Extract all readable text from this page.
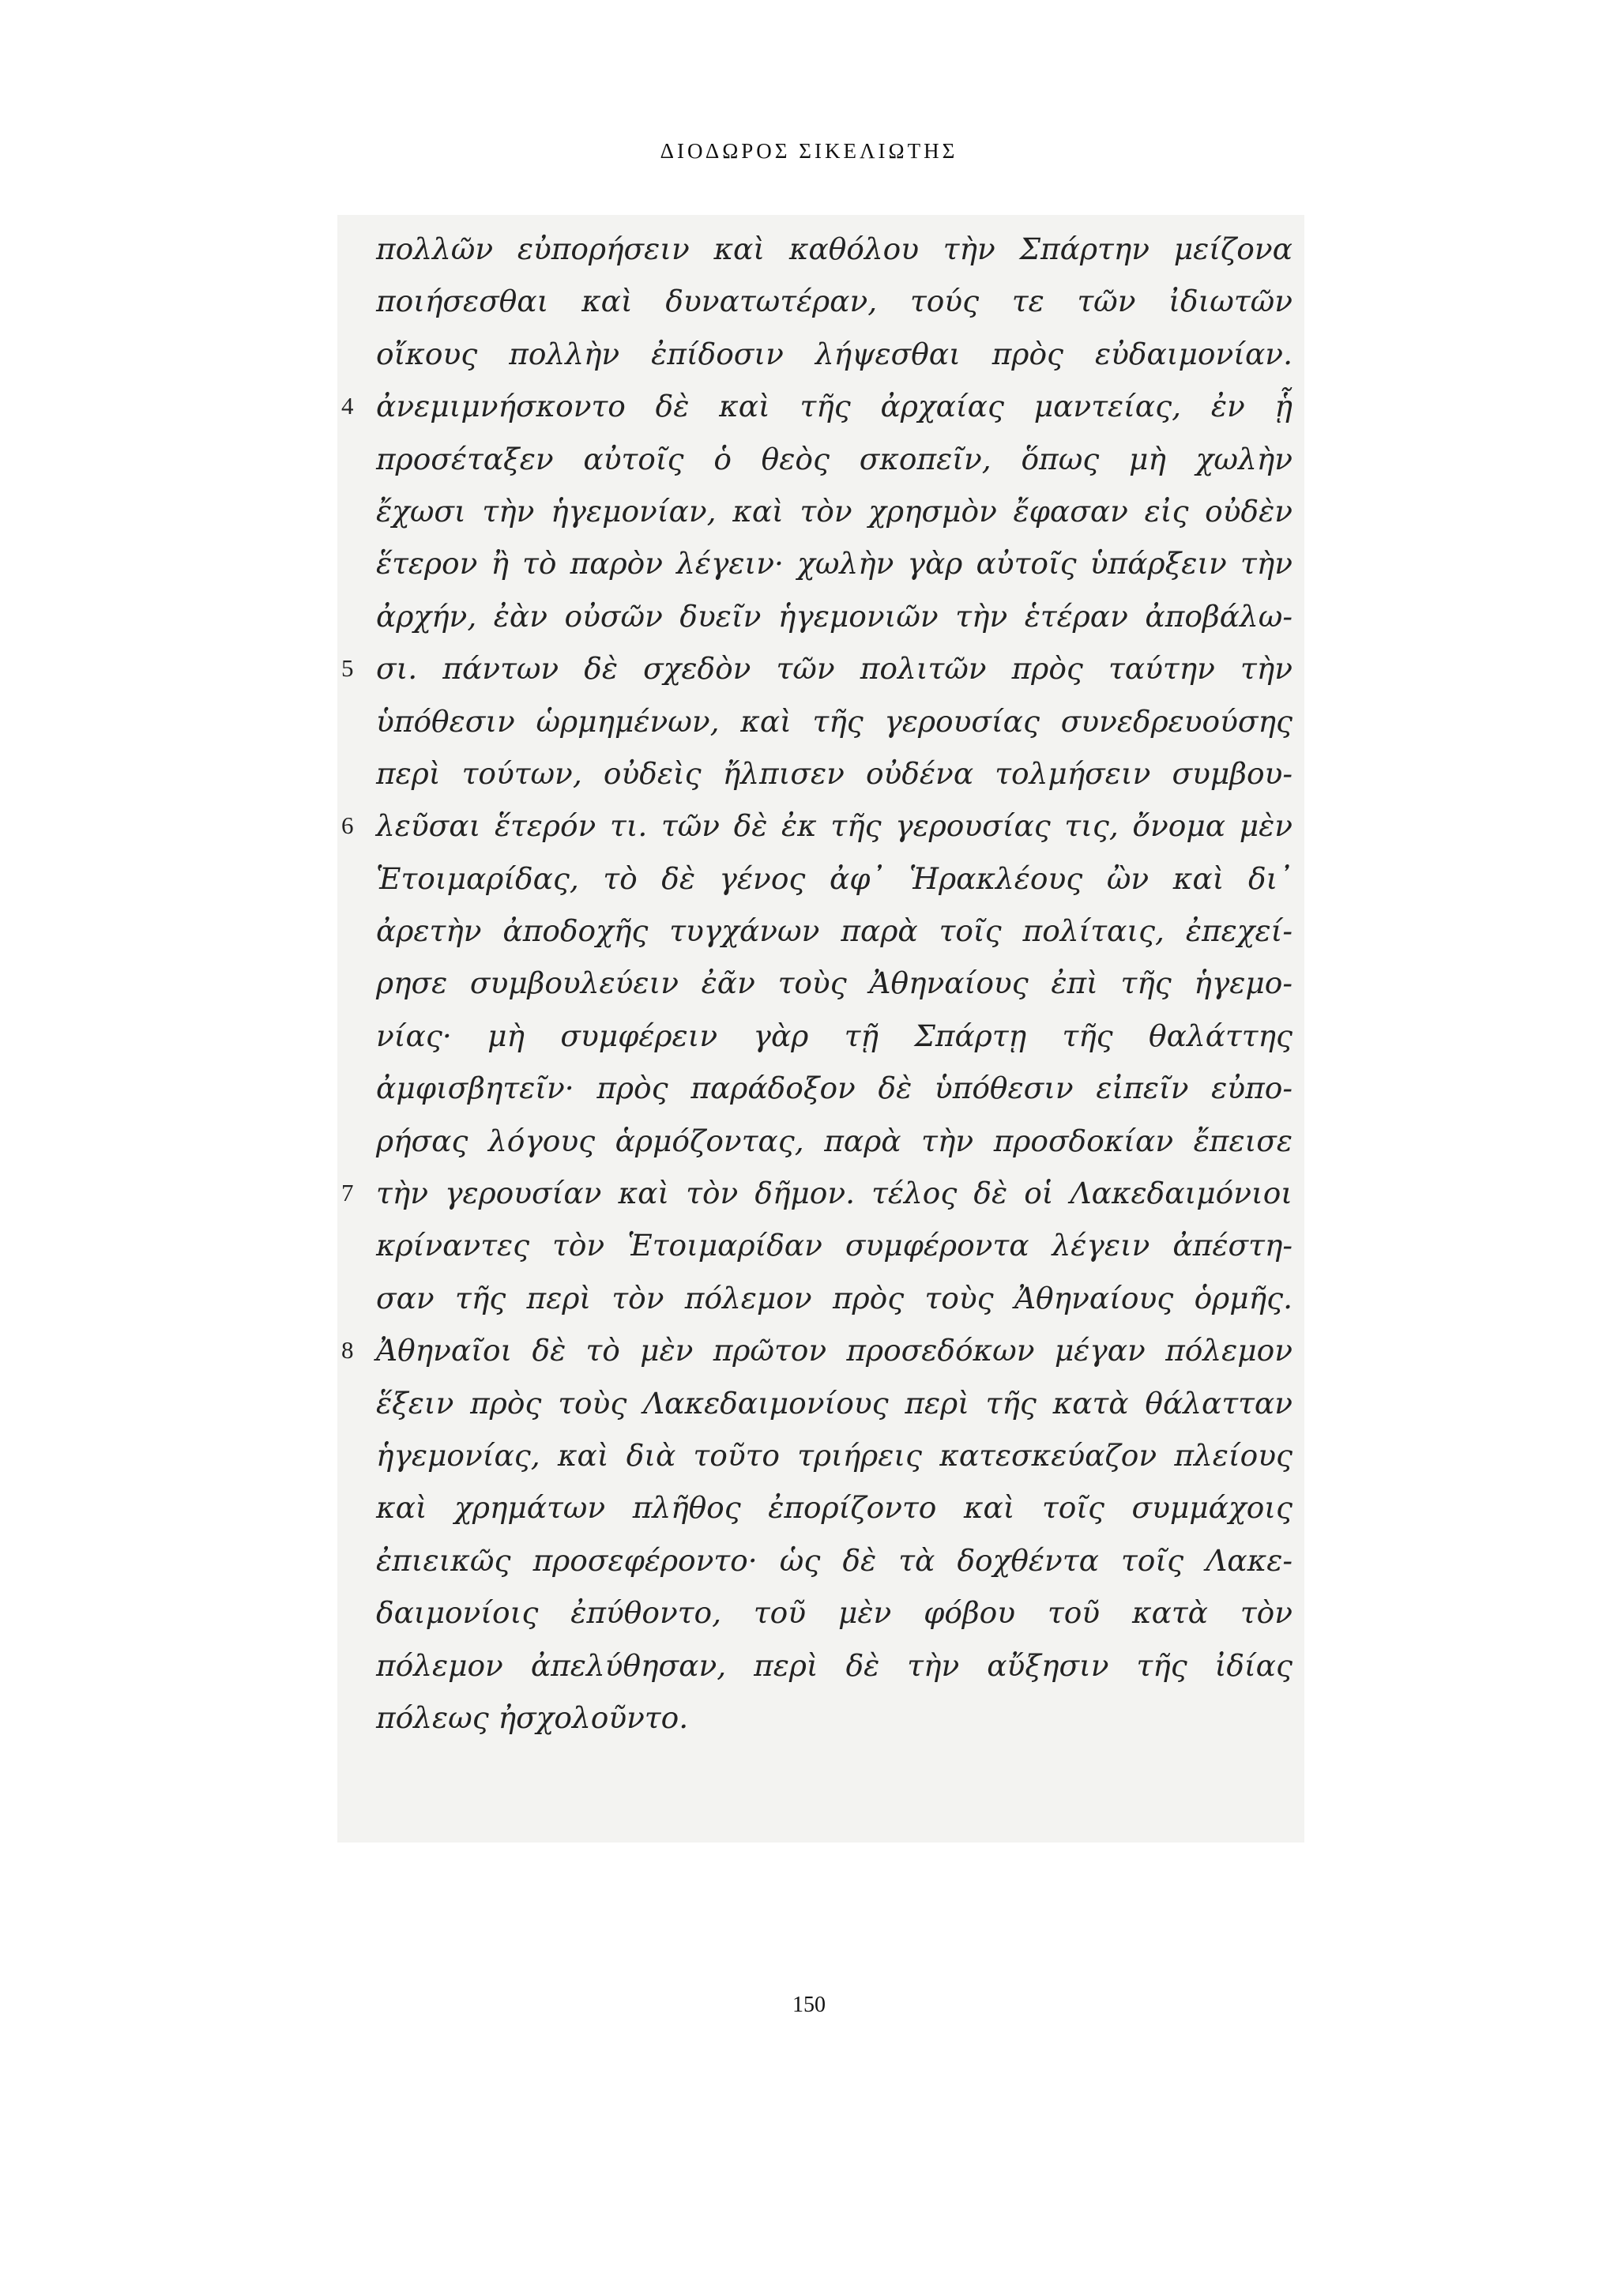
ΔΙΟΔΩΡΟΣ ΣΙΚΕΛΙΩΤΗΣ
πολλῶν εὐπορήσειν καὶ καθόλου τὴν Σπάρτην μείζονα
ποιήσεσθαι καὶ δυνατωτέραν, τούς τε τῶν ἰδιωτῶν
οἴκους πολλὴν ἐπίδοσιν λήψεσθαι πρὸς εὐδαιμονίαν.
4 ἀνεμιμνήσκοντο δὲ καὶ τῆς ἀρχαίας μαντείας, ἐν ᾗ
προσέταξεν αὐτοῖς ὁ θεὸς σκοπεῖν, ὅπως μὴ χωλὴν
ἔχωσι τὴν ἡγεμονίαν, καὶ τὸν χρησμὸν ἔφασαν εἰς οὐδὲν
ἕτερον ἢ τὸ παρὸν λέγειν· χωλὴν γὰρ αὐτοῖς ὑπάρξειν τὴν
ἀρχήν, ἐὰν οὐσῶν δυεῖν ἡγεμονιῶν τὴν ἑτέραν ἀποβάλω-
5 σι. πάντων δὲ σχεδὸν τῶν πολιτῶν πρὸς ταύτην τὴν
ὑπόθεσιν ὡρμημένων, καὶ τῆς γερουσίας συνεδρευούσης
περὶ τούτων, οὐδεὶς ἤλπισεν οὐδένα τολμήσειν συμβου-
6 λεῦσαι ἕτερόν τι. τῶν δὲ ἐκ τῆς γερουσίας τις, ὄνομα μὲν
Ἑτοιμαρίδας, τὸ δὲ γένος ἀφ᾽ Ἡρακλέους ὢν καὶ δι᾽
ἀρετὴν ἀποδοχῆς τυγχάνων παρὰ τοῖς πολίταις, ἐπεχεί-
ρησε συμβουλεύειν ἐᾶν τοὺς Ἀθηναίους ἐπὶ τῆς ἡγεμο-
νίας· μὴ συμφέρειν γὰρ τῇ Σπάρτῃ τῆς θαλάττης
ἀμφισβητεῖν· πρὸς παράδοξον δὲ ὑπόθεσιν εἰπεῖν εὐπο-
ρήσας λόγους ἁρμόζοντας, παρὰ τὴν προσδοκίαν ἔπεισε
7 τὴν γερουσίαν καὶ τὸν δῆμον. τέλος δὲ οἱ Λακεδαιμόνιοι
κρίναντες τὸν Ἑτοιμαρίδαν συμφέροντα λέγειν ἀπέστη-
σαν τῆς περὶ τὸν πόλεμον πρὸς τοὺς Ἀθηναίους ὁρμῆς.
8 Ἀθηναῖοι δὲ τὸ μὲν πρῶτον προσεδόκων μέγαν πόλεμον
ἕξειν πρὸς τοὺς Λακεδαιμονίους περὶ τῆς κατὰ θάλατταν
ἡγεμονίας, καὶ διὰ τοῦτο τριήρεις κατεσκεύαζον πλείους
καὶ χρημάτων πλῆθος ἐπορίζοντο καὶ τοῖς συμμάχοις
ἐπιεικῶς προσεφέροντο· ὡς δὲ τὰ δοχθέντα τοῖς Λακε-
δαιμονίοις ἐπύθοντο, τοῦ μὲν φόβου τοῦ κατὰ τὸν
πόλεμον ἀπελύθησαν, περὶ δὲ τὴν αὔξησιν τῆς ἰδίας
πόλεως ἠσχολοῦντο.
150
